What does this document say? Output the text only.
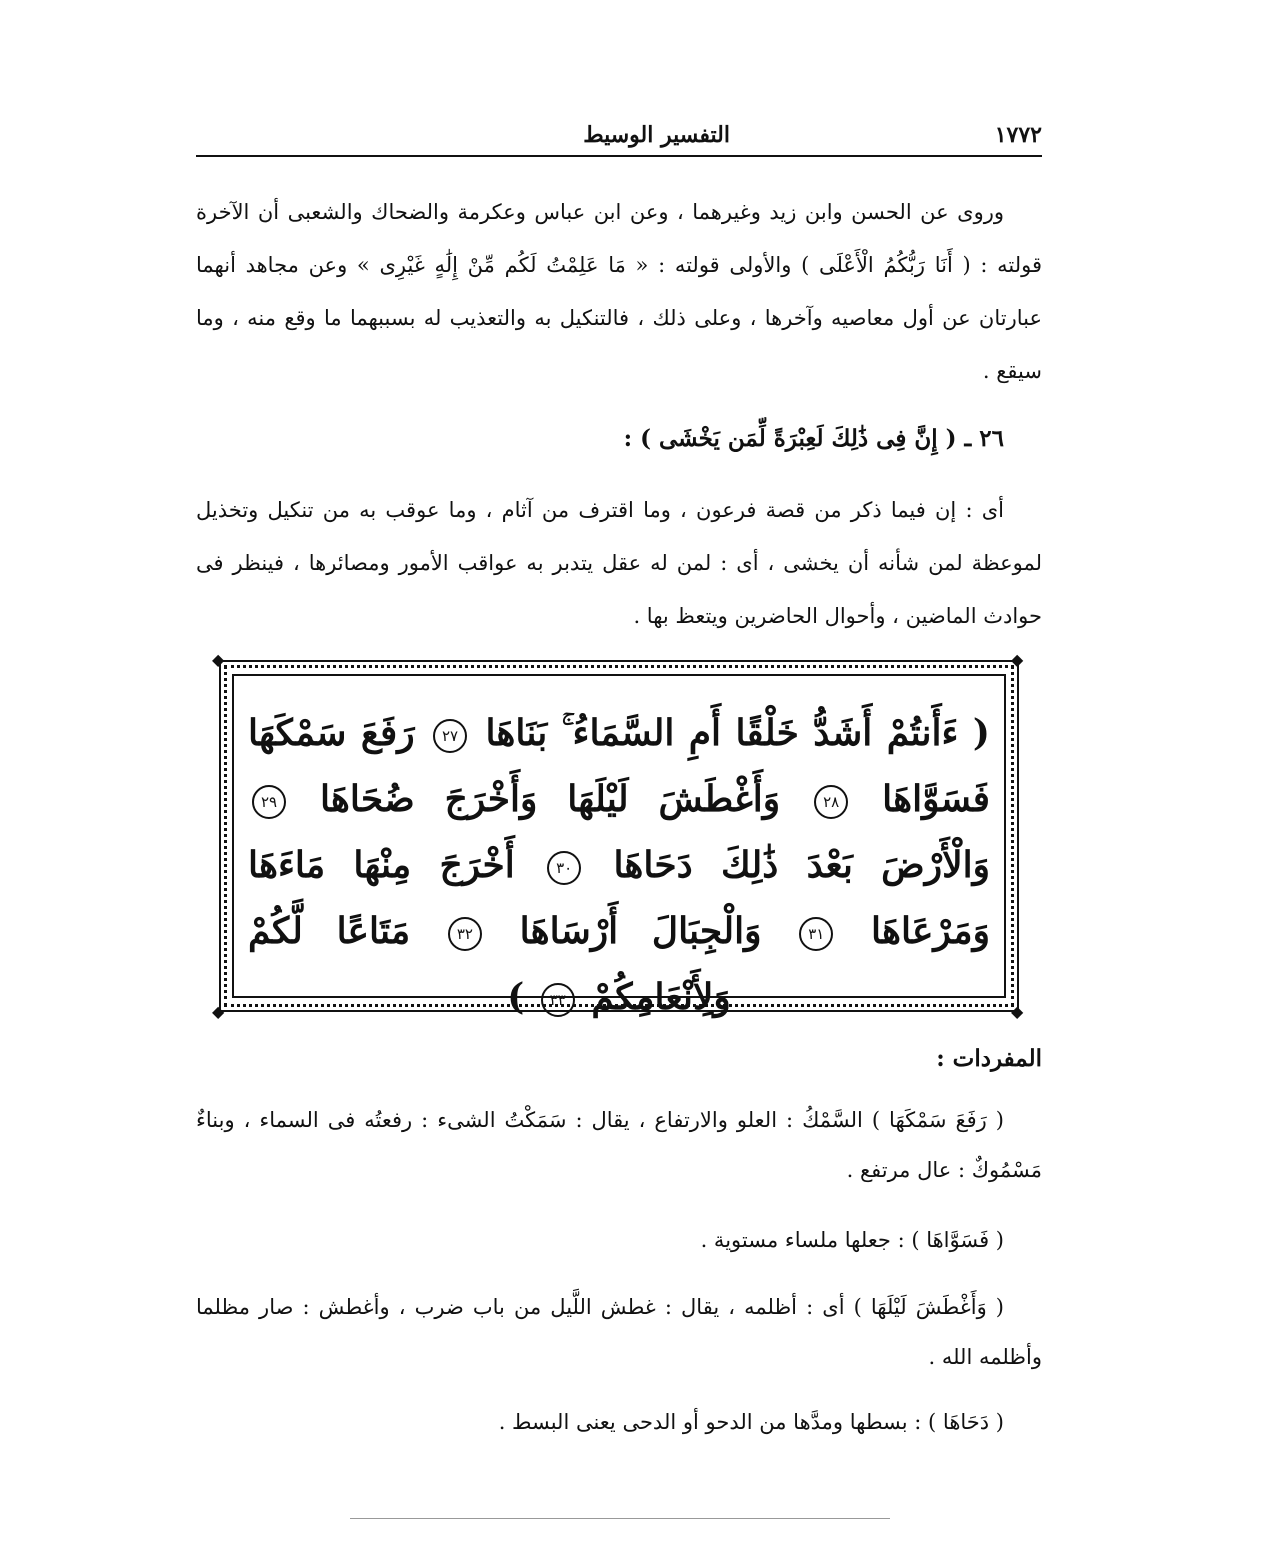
١٧٧٢
التفسير الوسيط

وروى عن الحسن وابن زيد وغيرهما ، وعن ابن عباس وعكرمة والضحاك والشعبى أن الآخرة قولته : ( أَنَا رَبُّكُمُ الْأَعْلَى ) والأولى قولته : « مَا عَلِمْتُ لَكُم مِّنْ إِلَٰهٍ غَيْرِى » وعن مجاهد أنهما عبارتان عن أول معاصيه وآخرها ، وعلى ذلك ، فالتنكيل به والتعذيب له بسببهما ما وقع منه ، وما سيقع .

٢٦ ـ ( إِنَّ فِى ذَٰلِكَ لَعِبْرَةً لِّمَن يَخْشَى ) :

أى : إن فيما ذكر من قصة فرعون ، وما اقترف من آثام ، وما عوقب به من تنكيل وتخذيل لموعظة لمن شأنه أن يخشى ، أى : لمن له عقل يتدبر به عواقب الأمور ومصائرها ، فينظر فى حوادث الماضين ، وأحوال الحاضرين ويتعظ بها .

◆	◆
◆	◆

( ءَأَنتُمْ أَشَدُّ خَلْقًا أَمِ السَّمَاءُ ۚ بَنَاهَا ٢٧ رَفَعَ سَمْكَهَا فَسَوَّاهَا ٢٨ وَأَغْطَشَ لَيْلَهَا وَأَخْرَجَ ضُحَاهَا ٢٩ وَالْأَرْضَ بَعْدَ ذَٰلِكَ دَحَاهَا ٣٠ أَخْرَجَ مِنْهَا مَاءَهَا وَمَرْعَاهَا ٣١ وَالْجِبَالَ أَرْسَاهَا ٣٢ مَتَاعًا لَّكُمْ وَلِأَنْعَامِكُمْ ٣٣ )

المفردات :

( رَفَعَ سَمْكَهَا ) السَّمْكُ : العلو والارتفاع ، يقال : سَمَكْتُ الشىء : رفعتُه فى السماء ، وبناءٌ مَسْمُوكٌ : عال مرتفع .

( فَسَوَّاهَا ) : جعلها ملساء مستوية .

( وَأَغْطَشَ لَيْلَهَا ) أى : أظلمه ، يقال : غطش اللَّيل من باب ضرب ، وأغطش : صار مظلما وأظلمه الله .

( دَحَاهَا ) : بسطها ومدَّها من الدحو أو الدحى يعنى البسط .
